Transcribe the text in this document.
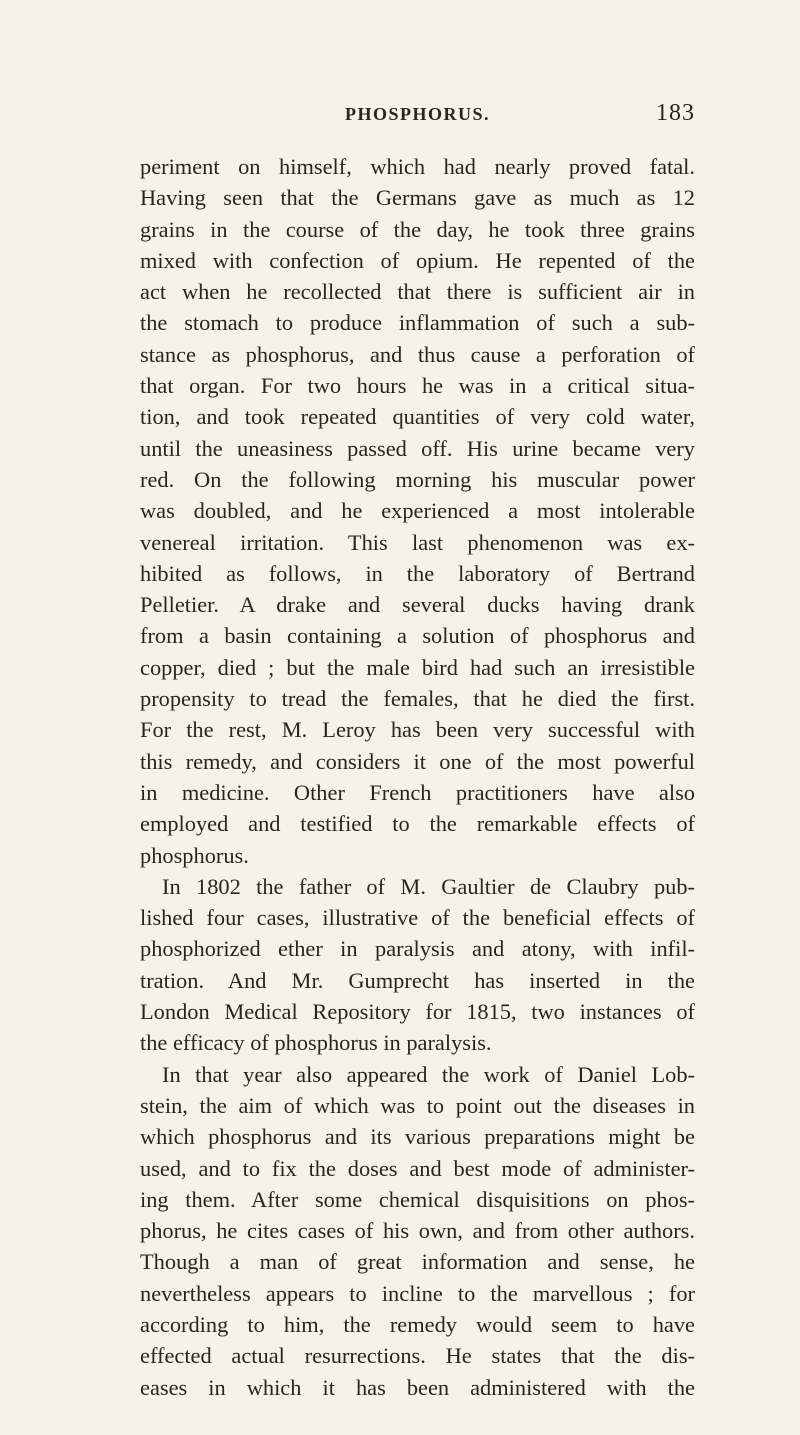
PHOSPHORUS.	183
periment on himself, which had nearly proved fatal.
Having seen that the Germans gave as much as 12
grains in the course of the day, he took three grains
mixed with confection of opium. He repented of the
act when he recollected that there is sufficient air in
the stomach to produce inflammation of such a sub-
stance as phosphorus, and thus cause a perforation of
that organ. For two hours he was in a critical situa-
tion, and took repeated quantities of very cold water,
until the uneasiness passed off. His urine became very
red. On the following morning his muscular power
was doubled, and he experienced a most intolerable
venereal irritation. This last phenomenon was ex-
hibited as follows, in the laboratory of Bertrand
Pelletier. A drake and several ducks having drank
from a basin containing a solution of phosphorus and
copper, died ; but the male bird had such an irresistible
propensity to tread the females, that he died the first.
For the rest, M. Leroy has been very successful with
this remedy, and considers it one of the most powerful
in medicine. Other French practitioners have also
employed and testified to the remarkable effects of
phosphorus.
In 1802 the father of M. Gaultier de Claubry pub-
lished four cases, illustrative of the beneficial effects of
phosphorized ether in paralysis and atony, with infil-
tration. And Mr. Gumprecht has inserted in the
London Medical Repository for 1815, two instances of
the efficacy of phosphorus in paralysis.
In that year also appeared the work of Daniel Lob-
stein, the aim of which was to point out the diseases in
which phosphorus and its various preparations might be
used, and to fix the doses and best mode of administer-
ing them. After some chemical disquisitions on phos-
phorus, he cites cases of his own, and from other authors.
Though a man of great information and sense, he
nevertheless appears to incline to the marvellous ; for
according to him, the remedy would seem to have
effected actual resurrections. He states that the dis-
eases in which it has been administered with the
